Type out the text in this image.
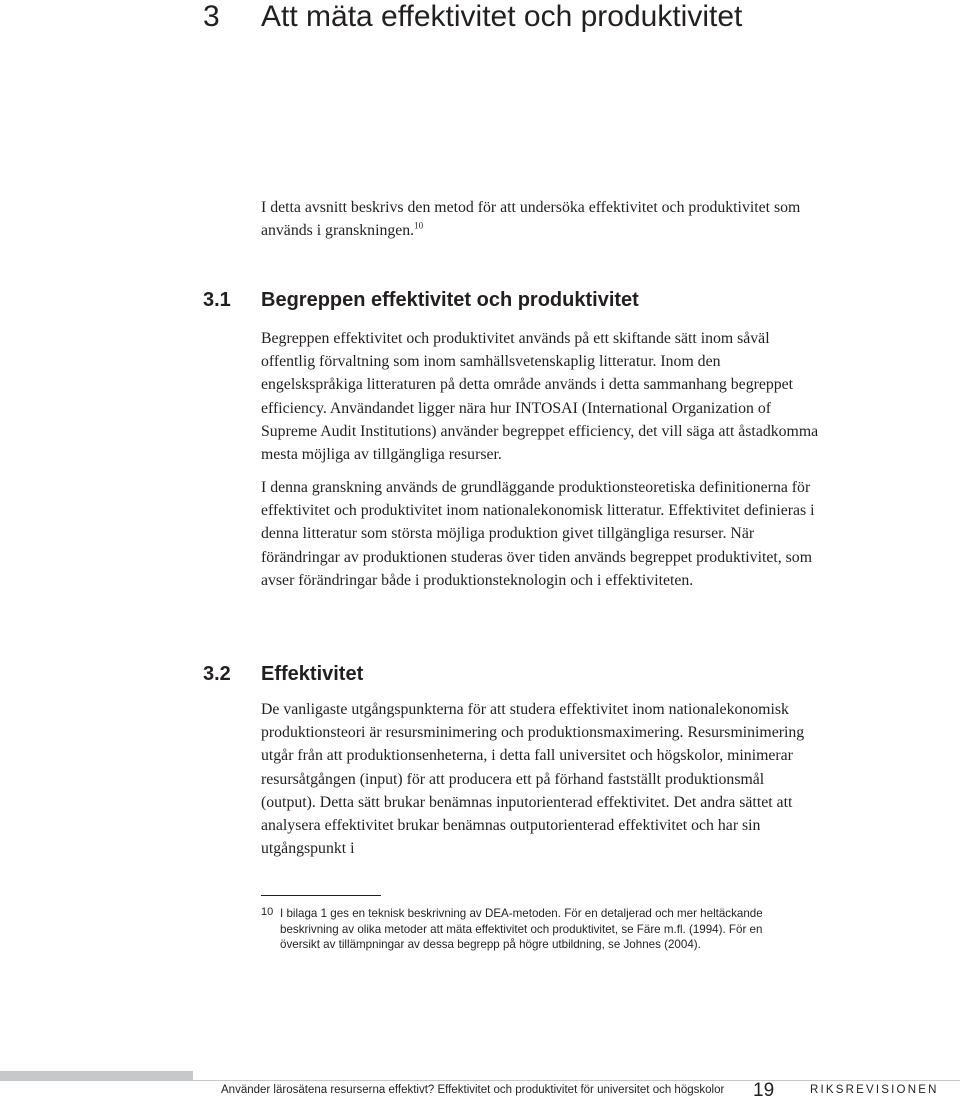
3 Att mäta effektivitet och produktivitet

I detta avsnitt beskrivs den metod för att undersöka effektivitet och produktivitet som används i granskningen.$^{10}$

3.1 Begreppen effektivitet och produktivitet

Begreppen effektivitet och produktivitet används på ett skiftande sätt inom såväl offentlig förvaltning som inom samhällsvetenskaplig litteratur. Inom den engelskspråkiga litteraturen på detta område används i detta sammanhang begreppet efficiency. Användandet ligger nära hur INTOSAI (International Organization of Supreme Audit Institutions) använder begreppet efficiency, det vill säga att åstadkomma mesta möjliga av tillgängliga resurser.

I denna granskning används de grundläggande produktionsteoretiska definitionerna för effektivitet och produktivitet inom nationalekonomisk litteratur. Effektivitet definieras i denna litteratur som största möjliga produktion givet tillgängliga resurser. När förändringar av produktionen studeras över tiden används begreppet produktivitet, som avser förändringar både i produktionsteknologin och i effektiviteten.

3.2 Effektivitet

De vanligaste utgångspunkterna för att studera effektivitet inom nationalekonomisk produktionsteori är resursminimering och produktionsmaximering. Resursminimering utgår från att produktionsenheterna, i detta fall universitet och högskolor, minimerar resursåtgången (input) för att producera ett på förhand fastställt produktionsmål (output). Detta sätt brukar benämnas inputorienterad effektivitet. Det andra sättet att analysera effektivitet brukar benämnas outputorienterad effektivitet och har sin utgångspunkt i

10 I bilaga 1 ges en teknisk beskrivning av DEA-metoden. För en detaljerad och mer heltäckande beskrivning av olika metoder att mäta effektivitet och produktivitet, se Färe m.fl. (1994). För en översikt av tillämpningar av dessa begrepp på högre utbildning, se Johnes (2004).

Använder lärosätena resurserna effektivt? Effektivitet och produktivitet för universitet och högskolor 19	RIKSREVISIONEN
